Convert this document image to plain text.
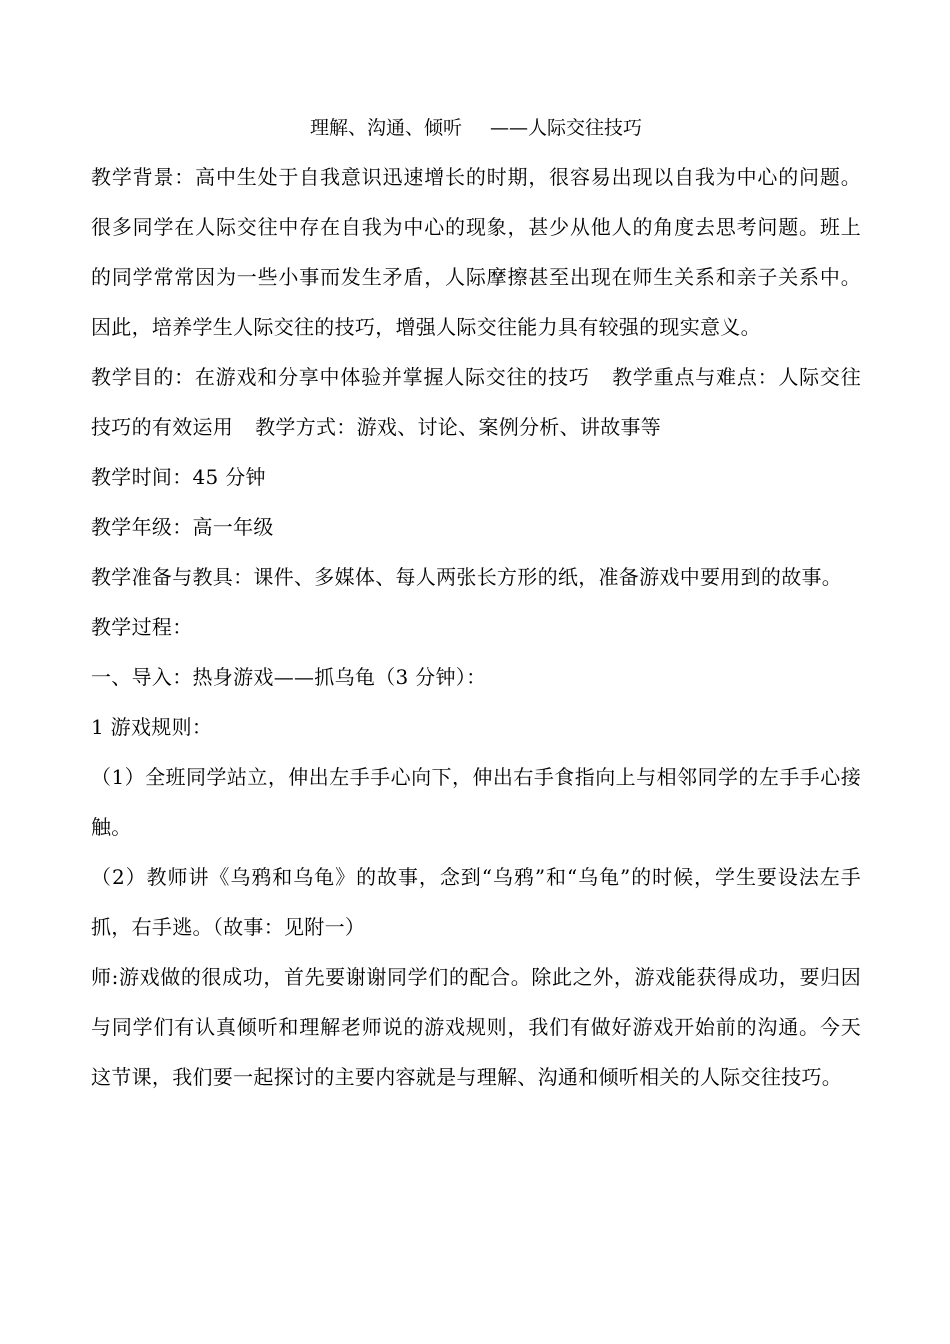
理解、沟通、倾听 ——人际交往技巧

教学背景：高中生处于自我意识迅速增长的时期，很容易出现以自我为中心的问题。很多同学在人际交往中存在自我为中心的现象，甚少从他人的角度去思考问题。班上的同学常常因为一些小事而发生矛盾，人际摩擦甚至出现在师生关系和亲子关系中。因此，培养学生人际交往的技巧，增强人际交往能力具有较强的现实意义。

教学目的：在游戏和分享中体验并掌握人际交往的技巧 教学重点与难点：人际交往技巧的有效运用 教学方式：游戏、讨论、案例分析、讲故事等

教学时间：45 分钟

教学年级：高一年级

教学准备与教具：课件、多媒体、每人两张长方形的纸，准备游戏中要用到的故事。

教学过程：

一、导入：热身游戏——抓乌龟（3 分钟）：

1 游戏规则：

（1）全班同学站立，伸出左手手心向下，伸出右手食指向上与相邻同学的左手手心接触。

（2）教师讲《乌鸦和乌龟》的故事，念到“乌鸦”和“乌龟”的时候，学生要设法左手抓，右手逃。（故事：见附一）

师:游戏做的很成功，首先要谢谢同学们的配合。除此之外，游戏能获得成功，要归因与同学们有认真倾听和理解老师说的游戏规则，我们有做好游戏开始前的沟通。今天这节课，我们要一起探讨的主要内容就是与理解、沟通和倾听相关的人际交往技巧。
